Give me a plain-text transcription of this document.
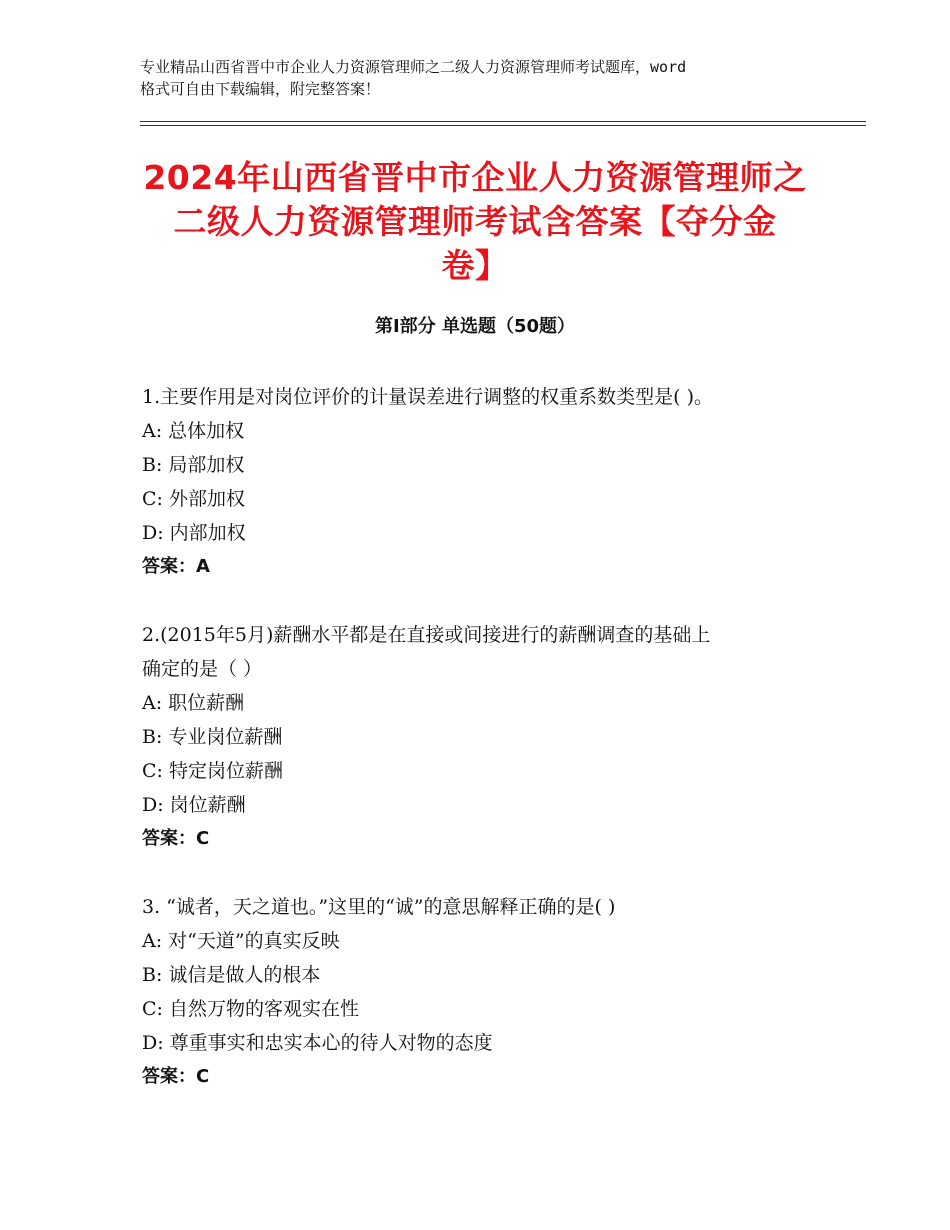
专业精品山西省晋中市企业人力资源管理师之二级人力资源管理师考试题库，word
格式可自由下载编辑，附完整答案！
2024年山西省晋中市企业人力资源管理师之
二级人力资源管理师考试含答案【夺分金
卷】
第Ⅰ部分 单选题（50题）
1.主要作用是对岗位评价的计量误差进行调整的权重系数类型是( )。
A: 总体加权
B: 局部加权
C: 外部加权
D: 内部加权
答案：A
2.(2015年5月)薪酬水平都是在直接或间接进行的薪酬调查的基础上
确定的是（ ）
A: 职位薪酬
B: 专业岗位薪酬
C: 特定岗位薪酬
D: 岗位薪酬
答案：C
3. “诚者，天之道也。”这里的“诚”的意思解释正确的是( )
A: 对“天道”的真实反映
B: 诚信是做人的根本
C: 自然万物的客观实在性
D: 尊重事实和忠实本心的待人对物的态度
答案：C
